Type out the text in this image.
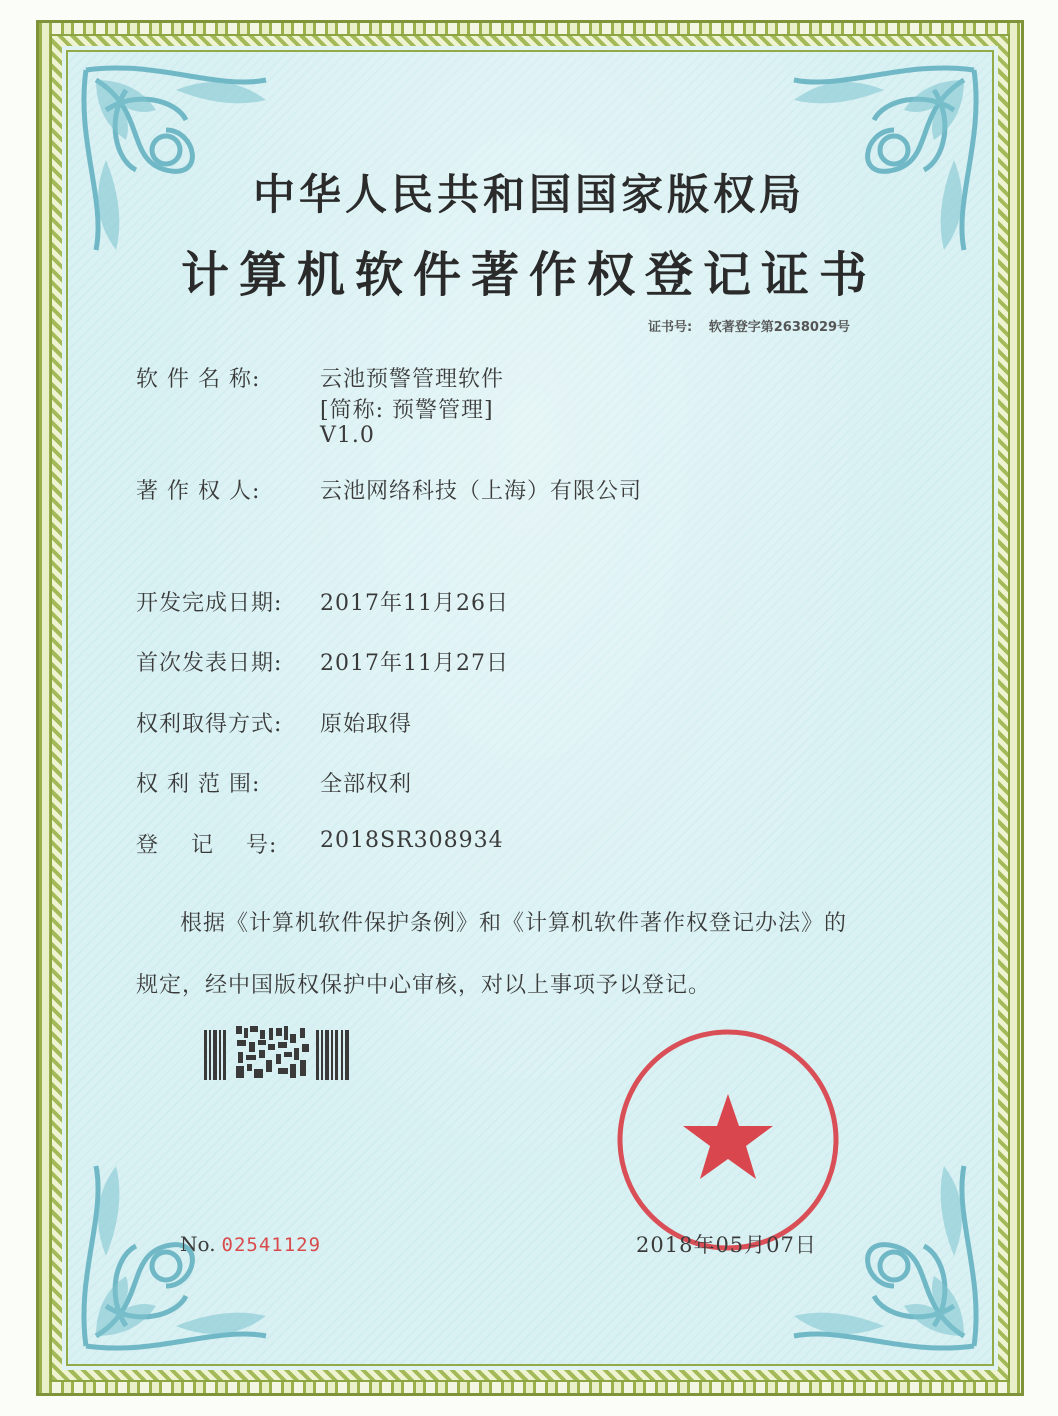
中华人民共和国国家版权局
计算机软件著作权登记证书
证书号: 软著登字第2638029号
软 件 名 称:	云池预警管理软件
[简称: 预警管理]
V1.0
著 作 权 人:	云池网络科技（上海）有限公司
开发完成日期:	2017年11月26日
首次发表日期:	2017年11月27日
权利取得方式:	原始取得
权 利 范 围:	全部权利
登    记    号:	2018SR308934
根据《计算机软件保护条例》和《计算机软件著作权登记办法》的
规定，经中国版权保护中心审核，对以上事项予以登记。
No. 02541129	2018年05月07日
